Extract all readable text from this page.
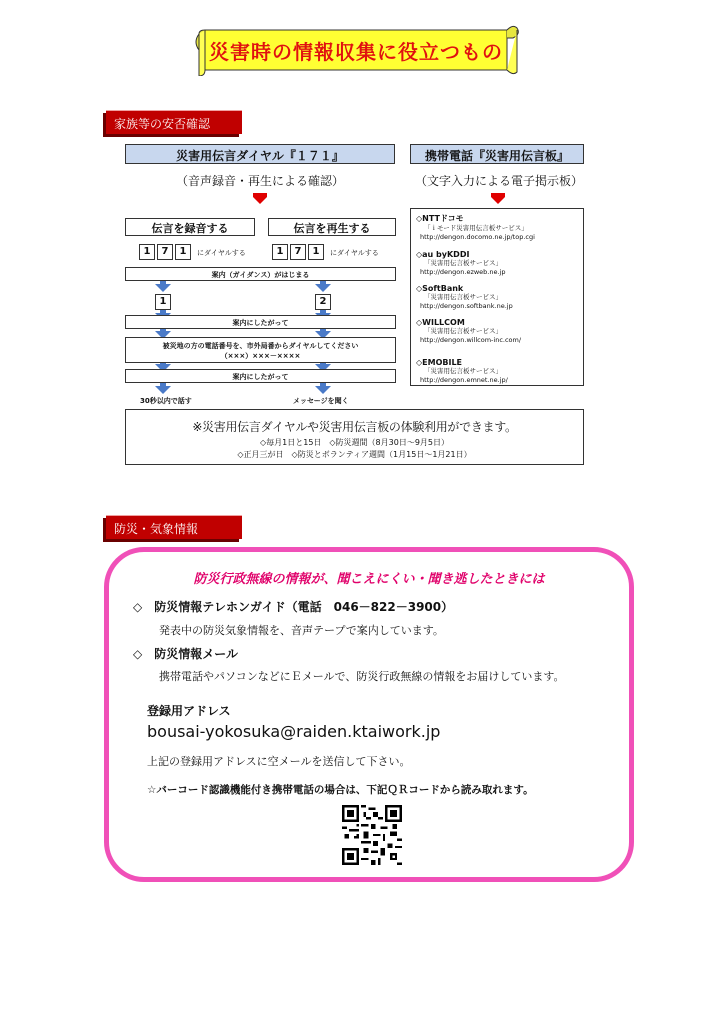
災害時の情報収集に役立つもの
家族等の安否確認
災害用伝言ダイヤル『１７１』	携帯電話『災害用伝言板』
（音声録音・再生による確認）	（文字入力による電子掲示板）
伝言を録音する	伝言を再生する
1	7	1	にダイヤルする	1	7	1	にダイヤルする
案内（ガイダンス）がはじまる
1	2
案内にしたがって
被災地の方の電話番号を、市外局番からダイヤルしてください
（×××）×××－××××
案内にしたがって
30秒以内で話す	メッセージを聞く
◇NTTドコモ
「ｉモード災害用伝言板サービス」
http://dengon.docomo.ne.jp/top.cgi
◇au byKDDI
「災害用伝言板サービス」
http://dengon.ezweb.ne.jp
◇SoftBank
「災害用伝言板サービス」
http://dengon.softbank.ne.jp
◇WILLCOM
「災害用伝言板サービス」
http://dengon.willcom-inc.com/
◇EMOBILE
「災害用伝言板サービス」
http://dengon.emnet.ne.jp/
※災害用伝言ダイヤルや災害用伝言板の体験利用ができます。
◇毎月1日と15日　◇防災週間（8月30日～9月5日）
◇正月三が日　◇防災とボランティア週間（1月15日～1月21日）
防災・気象情報
防災行政無線の情報が、聞こえにくい・聞き逃したときには
◇　防災情報テレホンガイド（電話　046－822－3900）
発表中の防災気象情報を、音声テープで案内しています。
◇　防災情報メール
携帯電話やパソコンなどにＥメールで、防災行政無線の情報をお届けしています。
登録用アドレス
bousai-yokosuka@raiden.ktaiwork.jp
上記の登録用アドレスに空メールを送信して下さい。
☆バーコード認識機能付き携帯電話の場合は、下記ＱＲコードから読み取れます。
